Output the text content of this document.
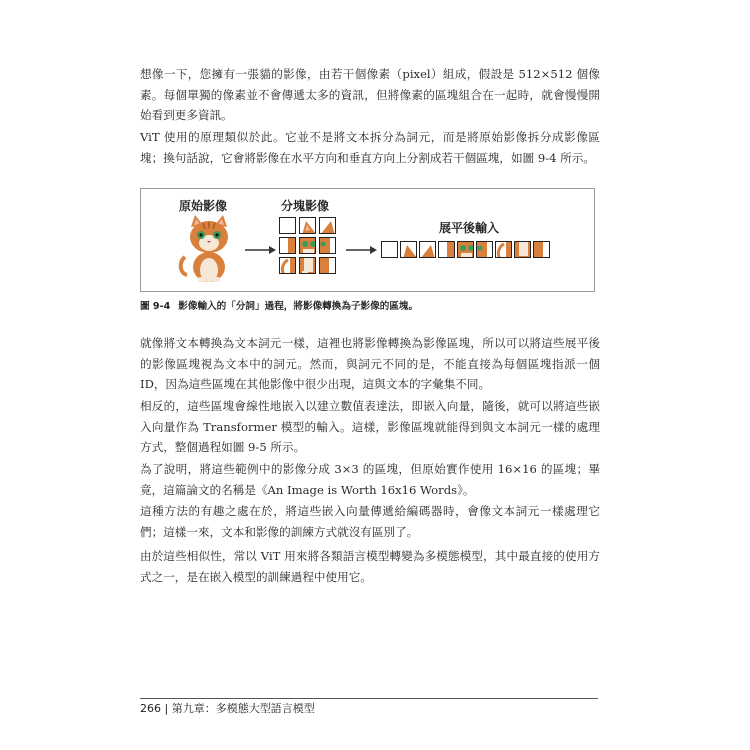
想像一下，您擁有一張貓的影像，由若干個像素（pixel）組成，假設是 512×512 個像素。每個單獨的像素並不會傳遞太多的資訊，但將像素的區塊組合在一起時，就會慢慢開始看到更多資訊。

ViT 使用的原理類似於此。它並不是將文本拆分為詞元，而是將原始影像拆分成影像區塊；換句話說，它會將影像在水平方向和垂直方向上分割成若干個區塊，如圖 9-4 所示。

原始影像	分塊影像
展平後輸入
圖 9-4 影像輸入的「分詞」過程，將影像轉換為子影像的區塊。

就像將文本轉換為文本詞元一樣，這裡也將影像轉換為影像區塊，所以可以將這些展平後的影像區塊視為文本中的詞元。然而，與詞元不同的是，不能直接為每個區塊指派一個 ID，因為這些區塊在其他影像中很少出現，這與文本的字彙集不同。

相反的，這些區塊會線性地嵌入以建立數值表達法，即嵌入向量，隨後，就可以將這些嵌入向量作為 Transformer 模型的輸入。這樣，影像區塊就能得到與文本詞元一樣的處理方式，整個過程如圖 9-5 所示。

為了說明，將這些範例中的影像分成 3×3 的區塊，但原始實作使用 16×16 的區塊；畢竟，這篇論文的名稱是《An Image is Worth 16x16 Words》。

這種方法的有趣之處在於，將這些嵌入向量傳遞給編碼器時，會像文本詞元一樣處理它們；這樣一來，文本和影像的訓練方式就沒有區別了。

由於這些相似性，常以 ViT 用來將各類語言模型轉變為多模態模型，其中最直接的使用方式之一，是在嵌入模型的訓練過程中使用它。

266 | 第九章：多模態大型語言模型
